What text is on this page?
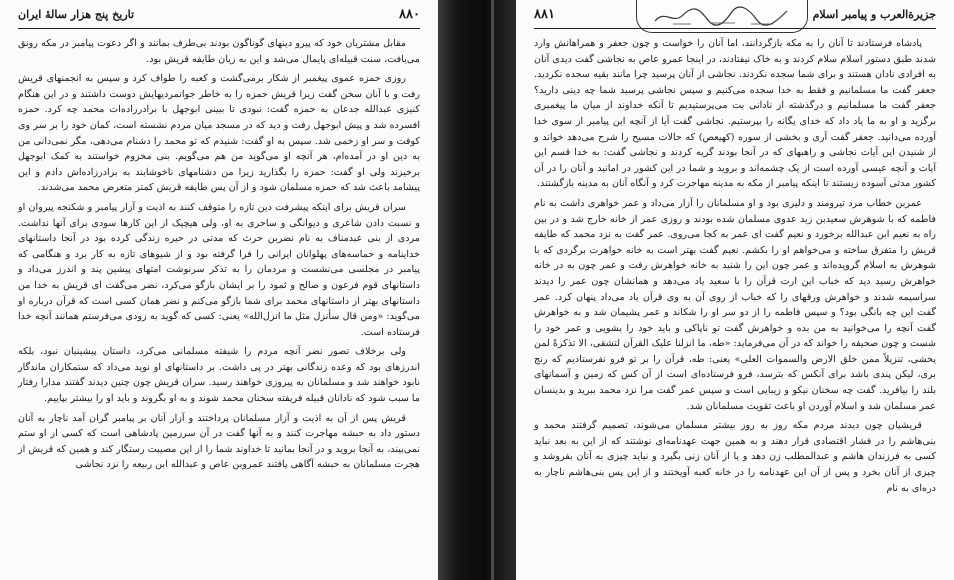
تاریخ پنج هزار سالهٔ ایران	۸۸۰

مقابل مشتریان خود که پیرو دینهای گوناگون بودند بی‌طرف بمانند و اگر دعوت پیامبر در مکه رونق می‌یافت، سنت قبیله‌ای پایمال می‌شد و این به زیان طایفه قریش بود.

روزی حمزه عموی پیغمبر از شکار برمی‌گشت و کعبه را طواف کرد و سپس به انجمنهای قریش رفت و با آنان سخن گفت زیرا قریش حمزه را به خاطر جوانمردیهایش دوست داشتند و در این هنگام کنیزی عبدالله جدعان به حمزه گفت: نبودی تا ببینی ابوجهل با برادرزاده‌ات محمد چه کرد. حمزه افسرده شد و پیش ابوجهل رفت و دید که در مسجد میان مردم نشسته است، کمان خود را بر سر وی کوفت و سر او زخمی شد. سپس به او گفت: شنیدم که تو محمد را دشنام می‌دهی، مگر نمی‌دانی من به دین او در آمده‌ام، هر آنچه او می‌گوید من هم می‌گویم. بنی مخزوم خواستند به کمک ابوجهل برخیزند ولی او گفت: حمزه را بگذارید زیرا من دشنامهای ناخوشایند به برادرزاده‌اش دادم و این پیشامد باعث شد که حمزه مسلمان شود و از آن پس طایفه قریش کمتر متعرض محمد می‌شدند.

سران قریش برای اینکه پیشرفت دین تازه را متوقف کنند به اذیت و آزار پیامبر و شکنجه پیروان او و نسبت دادن شاعری و دیوانگی و ساحری به او، ولی هیچیک از این کارها سودی برای آنها نداشت. مردی از بنی عبدمناف به نام نضربن حرث که مدتی در حیره زندگی کرده بود در آنجا داستانهای خداینامه و حماسه‌های پهلوانان ایرانی را فرا گرفته بود و از شیوهای تازه به کار برد و هنگامی که پیامبر در مجلسی می‌نشست و مردمان را به تذکر سرنوشت امتهای پیشین پند و اندرز می‌داد و داستانهای قوم فرعون و صالح و ثمود را بر ایشان بازگو می‌کرد، نضر می‌گفت ای قریش به خدا من داستانهای بهتر از داستانهای محمد برای شما بازگو می‌کنم و نضر همان کسی است که قرآن درباره او می‌گوید: «ومن قال سأنزل مثل ما انزل‌الله» یعنی: کسی که گوید به زودی می‌فرستم همانند آنچه خدا فرستاده است.

ولی برخلاف تصور نضر آنچه مردم را شیفته مسلمانی می‌کرد، داستان پیشینیان نبود، بلکه اندرزهای بود که وعده زندگانی بهتر در پی داشت. بر داستانهای او نوید می‌داد که ستمکاران ماندگار نابود خواهند شد و مسلمانان به پیروزی خواهند رسید. سران قریش چون چنین دیدند گفتند مدارا رفتار ما سبب شود که نادانان قبیله فریفته سخنان محمد شوند و به او بگروند و باید او را بیشتر بپاییم.

قریش پس از آن به اذیت و آزار مسلمانان پرداختند و آزار آنان بر پیامبر گران آمد ناچار به آنان دستور داد به حبشه مهاجرت کنند و به آنها گفت در آن سرزمین پادشاهی است که کسی از او ستم نمی‌بیند، به آنجا بروید و در آنجا بمانید تا خداوند شما را از این مصیبت رستگار کند و همین که قریش از هجرت مسلمانان به حبشه آگاهی یافتند عمروبن عاص و عبدالله ابن ربیعه را نزد نجاشی

جزیرةالعرب و پیامبر اسلام
۸۸۱

پادشاه فرستادند تا آنان را به مکه بازگردانند، اما آنان را خواست و چون جعفر و همراهانش وارد شدند طبق دستور اسلام سلام کردند و به خاک نیفتادند، در اینجا عمرو عاص به نجاشی گفت دیدی آنان به افرادی نادان هستند و برای شما سجده نکردند. نجاشی از آنان پرسید چرا مانند بقیه سجده نکردید. جعفر گفت ما مسلمانیم و فقط به خدا سجده می‌کنیم و سپس نجاشی پرسید شما چه دینی دارید؟ جعفر گفت ما مسلمانیم و درگذشته از نادانی بت می‌پرستیدیم تا آنکه خداوند از میان ما پیغمبری برگزید و او به ما یاد داد که خدای یگانه را بپرستیم. نجاشی گفت آیا از آنچه این پیامبر از سوی خدا آورده می‌دانید. جعفر گفت آری و بخشی از سوره (کهیعص) که حالات مسیح را شرح می‌دهد خواند و از شنیدن این آیات نجاشی و راهبهای که در آنجا بودند گریه کردند و نجاشی گفت: به خدا قسم این آیات و آنچه عیسی آورده است از یک چشمه‌اند و بروید و شما در این کشور در امانید و آنان را در آن کشور مدتی آسوده زیستند تا اینکه پیامبر از مکه به مدینه مهاجرت کرد و آنگاه آنان به مدینه بازگشتند.

عمربن خطاب مرد تیرومند و دلیری بود و او مسلمانان را آزار می‌داد و عمر خواهری داشت به نام فاطمه که با شوهرش سعیدبن زید عدوی مسلمان شده بودند و روزی عمر از خانه خارج شد و در بین راه به نعیم ابن عبدالله برخورد و نعیم گفت ای عمر به کجا می‌روی. عمر گفت به نزد محمد که طایفه قریش را متفرق ساخته و می‌خواهم او را بکشم. نعیم گفت بهتر است به خانه خواهرت برگردی که با شوهرش به اسلام گرویده‌اند و عمر چون این را شنید به خانه خواهرش رفت و عمر چون به در خانه خواهرش رسید دید که خباب ابن ارت قرآن را با سعید یاد می‌دهد و همانشان چون عمر را دیدند سراسیمه شدند و خواهرش ورقهای را که خباب از روی آن به وی قرآن یاد می‌داد پنهان کرد. عمر گفت این چه بانگی بود؟ و سپس فاطمه را از دو سر او را شکاند و عمر پشیمان شد و به خواهرش گفت آنچه را می‌خوانید به من بده و خواهرش گفت تو ناپاکی و باید خود را بشویی و عمر خود را شست و چون صحیفه را خواند که در آن می‌فرماید: «طه، ما انزلنا علیک القرآن لتشقی، الا تذکرةً لمن یخشی، تنزیلاً ممن خلق الارض والسموات العلی» یعنی: طه، قرآن را بر تو فرو نفرستادیم که رنج بری، لیکن پندی باشد برای آنکس که بترسد، فرو فرستاده‌ای است از آن کس که زمین و آسمانهای بلند را بیافرید. گفت چه سخنان نیکو و زیبایی است و سپس عمر گفت مرا نزد محمد ببرید و بدینسان عمر مسلمان شد و اسلام آوردن او باعث تقویت مسلمانان شد.

قریشیان چون دیدند مردم مکه روز به روز بیشتر مسلمان می‌شوند، تصمیم گرفتند محمد و بنی‌هاشم را در فشار اقتصادی قرار دهند و به همین جهت عهدنامه‌ای نوشتند که از این به بعد نباید کسی به فرزندان هاشم و عبدالمطلب زن دهد و یا از آنان زنی بگیرد و نباید چیزی به آنان بفروشد و چیزی از آنان بخرد و پس از آن این عهدنامه را در خانه کعبه آویختند و از این پس بنی‌هاشم ناچار به دره‌ای به نام
